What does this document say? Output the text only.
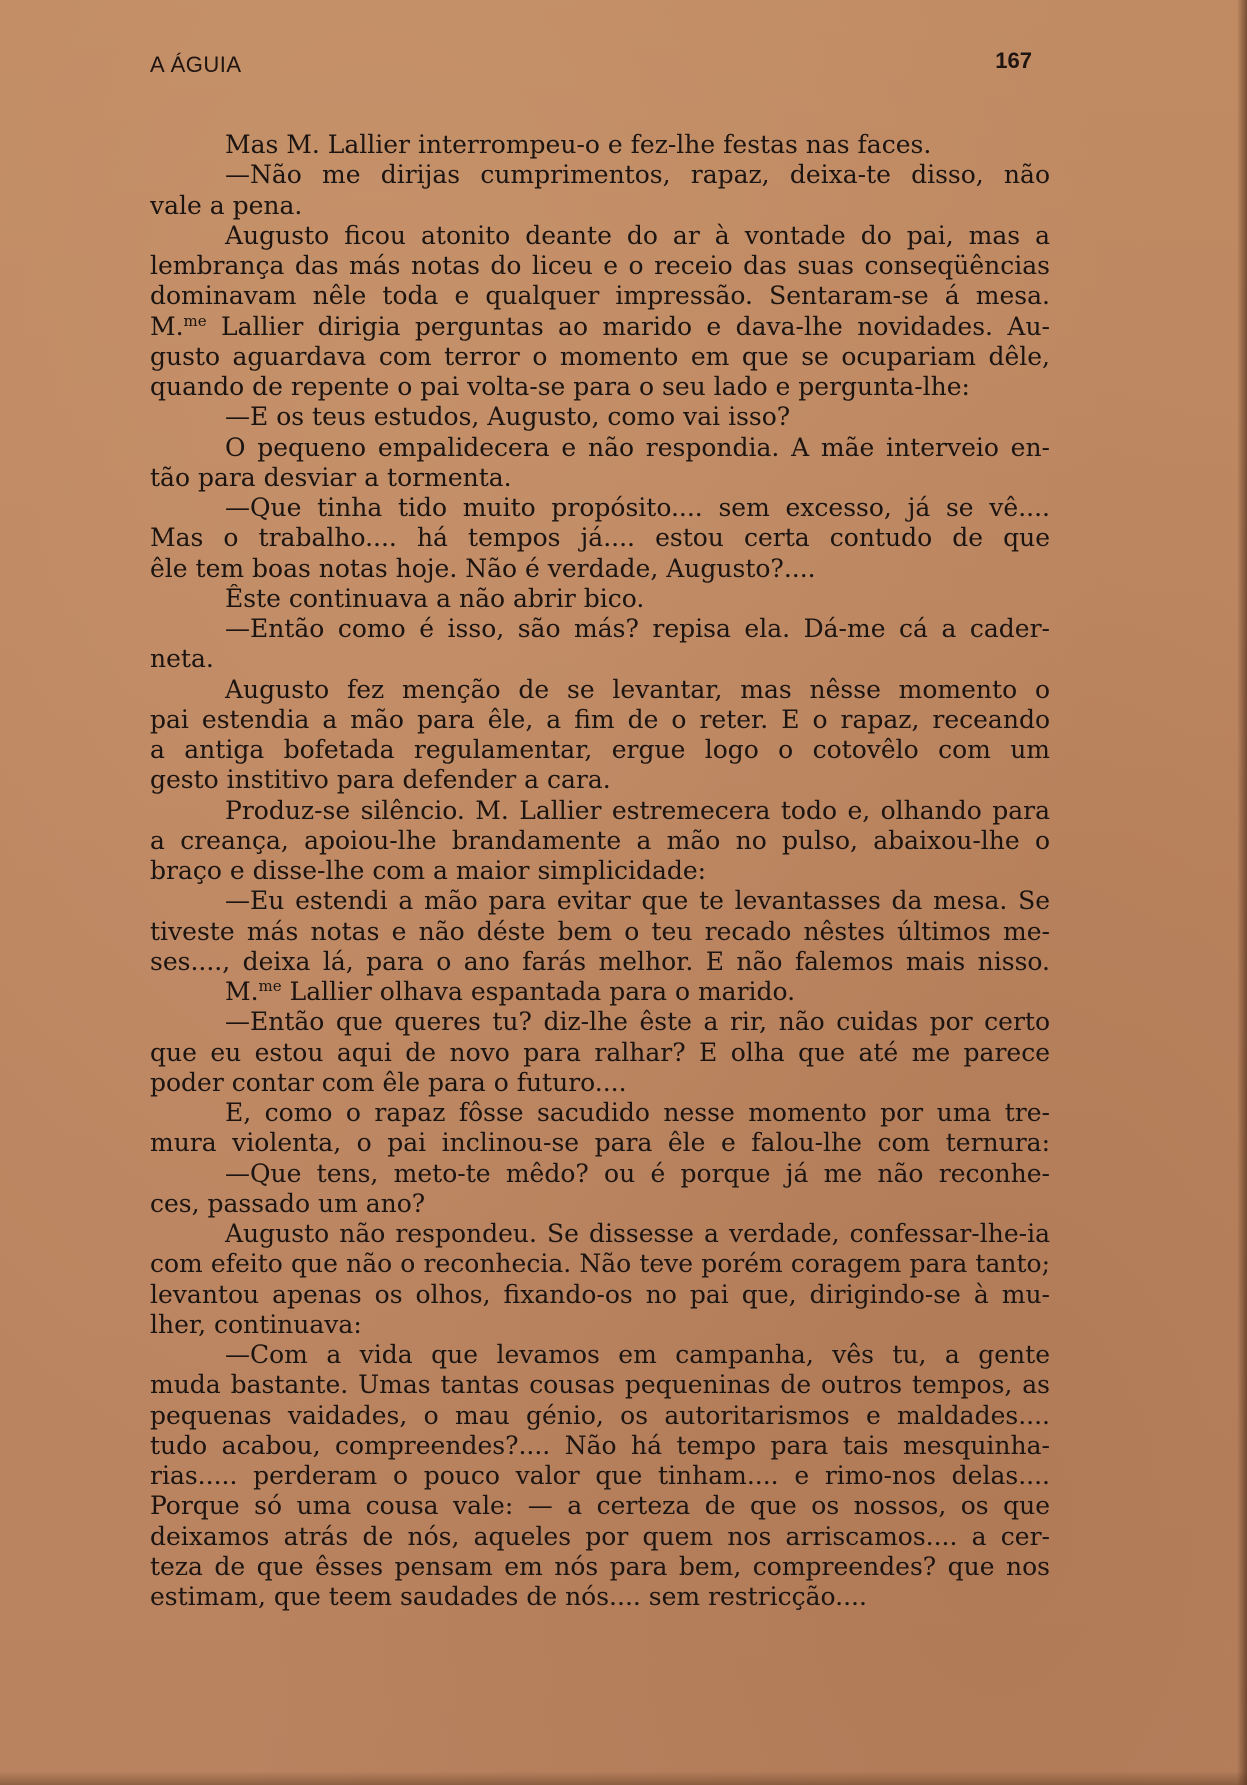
A ÁGUIA	167
Mas M. Lallier interrompeu-o e fez-lhe festas nas faces.
—Não me dirijas cumprimentos, rapaz, deixa-te disso, não
vale a pena.
Augusto ficou atonito deante do ar à vontade do pai, mas a
lembrança das más notas do liceu e o receio das suas conseqüências
dominavam nêle toda e qualquer impressão. Sentaram-se á mesa.
M.$^{me}$ Lallier dirigia perguntas ao marido e dava-lhe novidades. Au-
gusto aguardava com terror o momento em que se ocupariam dêle,
quando de repente o pai volta-se para o seu lado e pergunta-lhe:
—E os teus estudos, Augusto, como vai isso?
O pequeno empalidecera e não respondia. A mãe interveio en-
tão para desviar a tormenta.
—Que tinha tido muito propósito.... sem excesso, já se vê....
Mas o trabalho.... há tempos já.... estou certa contudo de que
êle tem boas notas hoje. Não é verdade, Augusto?....
Êste continuava a não abrir bico.
—Então como é isso, são más? repisa ela. Dá-me cá a cader-
neta.
Augusto fez menção de se levantar, mas nêsse momento o
pai estendia a mão para êle, a fim de o reter. E o rapaz, receando
a antiga bofetada regulamentar, ergue logo o cotovêlo com um
gesto institivo para defender a cara.
Produz-se silêncio. M. Lallier estremecera todo e, olhando para
a creança, apoiou-lhe brandamente a mão no pulso, abaixou-lhe o
braço e disse-lhe com a maior simplicidade:
—Eu estendi a mão para evitar que te levantasses da mesa. Se
tiveste más notas e não déste bem o teu recado nêstes últimos me-
ses...., deixa lá, para o ano farás melhor. E não falemos mais nisso.
M.$^{me}$ Lallier olhava espantada para o marido.
—Então que queres tu? diz-lhe êste a rir, não cuidas por certo
que eu estou aqui de novo para ralhar? E olha que até me parece
poder contar com êle para o futuro....
E, como o rapaz fôsse sacudido nesse momento por uma tre-
mura violenta, o pai inclinou-se para êle e falou-lhe com ternura:
—Que tens, meto-te mêdo? ou é porque já me não reconhe-
ces, passado um ano?
Augusto não respondeu. Se dissesse a verdade, confessar-lhe-ia
com efeito que não o reconhecia. Não teve porém coragem para tanto;
levantou apenas os olhos, fixando-os no pai que, dirigindo-se à mu-
lher, continuava:
—Com a vida que levamos em campanha, vês tu, a gente
muda bastante. Umas tantas cousas pequeninas de outros tempos, as
pequenas vaidades, o mau génio, os autoritarismos e maldades....
tudo acabou, compreendes?.... Não há tempo para tais mesquinha-
rias..... perderam o pouco valor que tinham.... e rimo-nos delas....
Porque só uma cousa vale: — a certeza de que os nossos, os que
deixamos atrás de nós, aqueles por quem nos arriscamos.... a cer-
teza de que êsses pensam em nós para bem, compreendes? que nos
estimam, que teem saudades de nós.... sem restricção....
